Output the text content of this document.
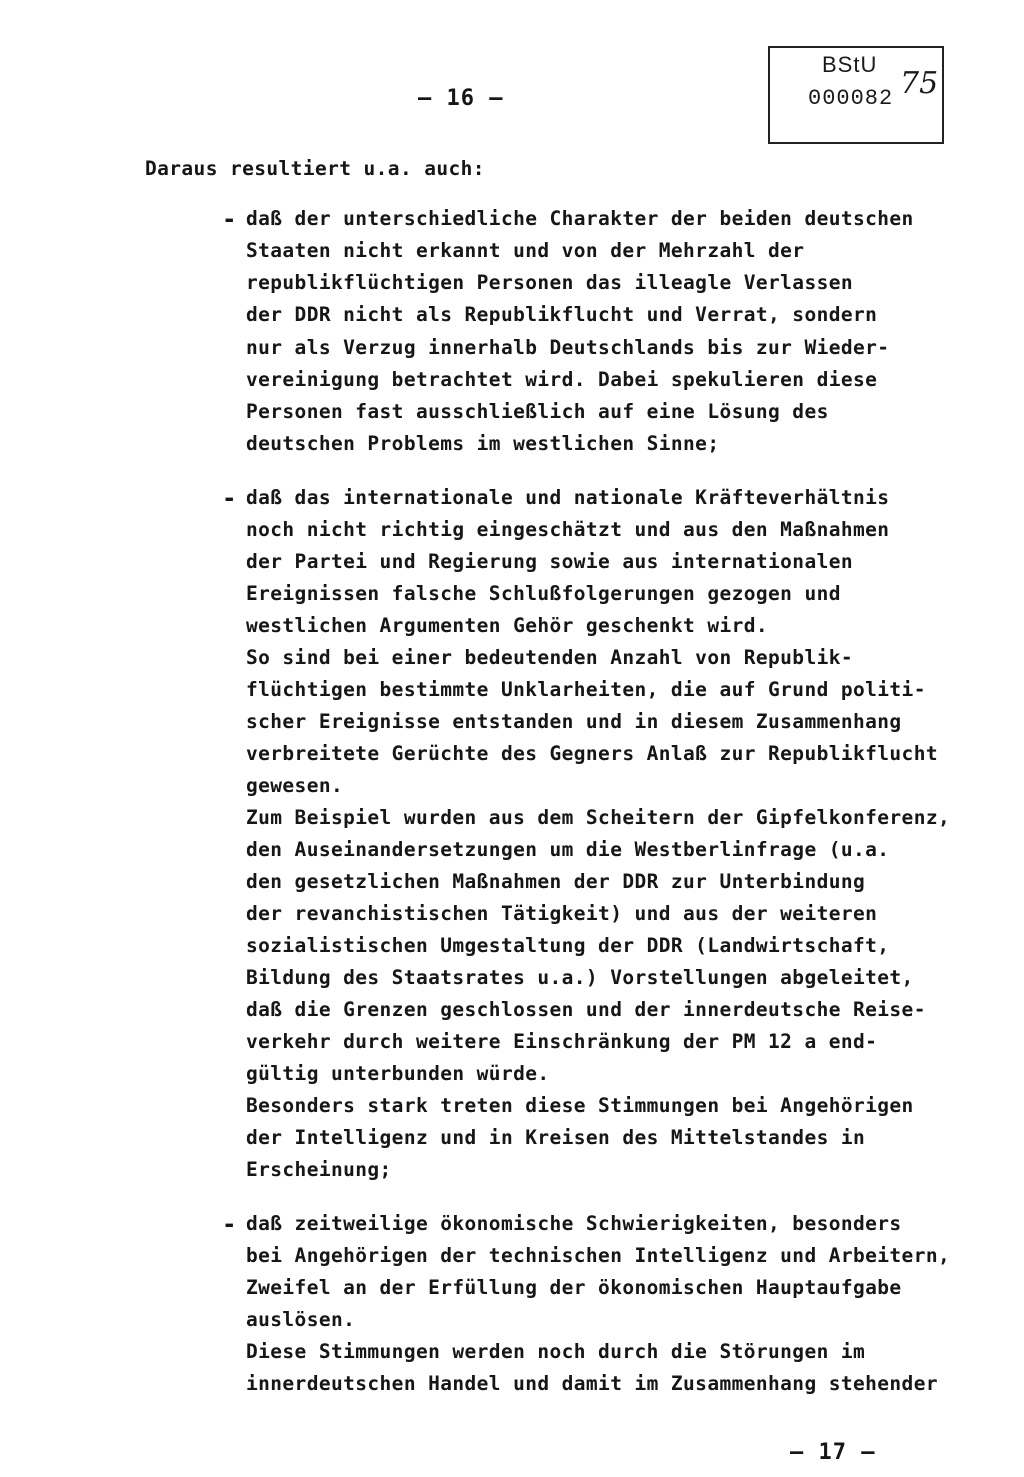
– 16 –
BStU
000082 75
Daraus resultiert u.a. auch:
- daß der unterschiedliche Charakter der beiden deutschen
Staaten nicht erkannt und von der Mehrzahl der
republikflüchtigen Personen das illeagle Verlassen
der DDR nicht als Republikflucht und Verrat, sondern
nur als Verzug innerhalb Deutschlands bis zur Wieder-
vereinigung betrachtet wird. Dabei spekulieren diese
Personen fast ausschließlich auf eine Lösung des
deutschen Problems im westlichen Sinne;
- daß das internationale und nationale Kräfteverhältnis
noch nicht richtig eingeschätzt und aus den Maßnahmen
der Partei und Regierung sowie aus internationalen
Ereignissen falsche Schlußfolgerungen gezogen und
westlichen Argumenten Gehör geschenkt wird.
So sind bei einer bedeutenden Anzahl von Republik-
flüchtigen bestimmte Unklarheiten, die auf Grund politi-
scher Ereignisse entstanden und in diesem Zusammenhang
verbreitete Gerüchte des Gegners Anlaß zur Republikflucht
gewesen.
Zum Beispiel wurden aus dem Scheitern der Gipfelkonferenz,
den Auseinandersetzungen um die Westberlinfrage (u.a.
den gesetzlichen Maßnahmen der DDR zur Unterbindung
der revanchistischen Tätigkeit) und aus der weiteren
sozialistischen Umgestaltung der DDR (Landwirtschaft,
Bildung des Staatsrates u.a.) Vorstellungen abgeleitet,
daß die Grenzen geschlossen und der innerdeutsche Reise-
verkehr durch weitere Einschränkung der PM 12 a end-
gültig unterbunden würde.
Besonders stark treten diese Stimmungen bei Angehörigen
der Intelligenz und in Kreisen des Mittelstandes in
Erscheinung;
- daß zeitweilige ökonomische Schwierigkeiten, besonders
bei Angehörigen der technischen Intelligenz und Arbeitern,
Zweifel an der Erfüllung der ökonomischen Hauptaufgabe
auslösen.
Diese Stimmungen werden noch durch die Störungen im
innerdeutschen Handel und damit im Zusammenhang stehender
– 17 –
